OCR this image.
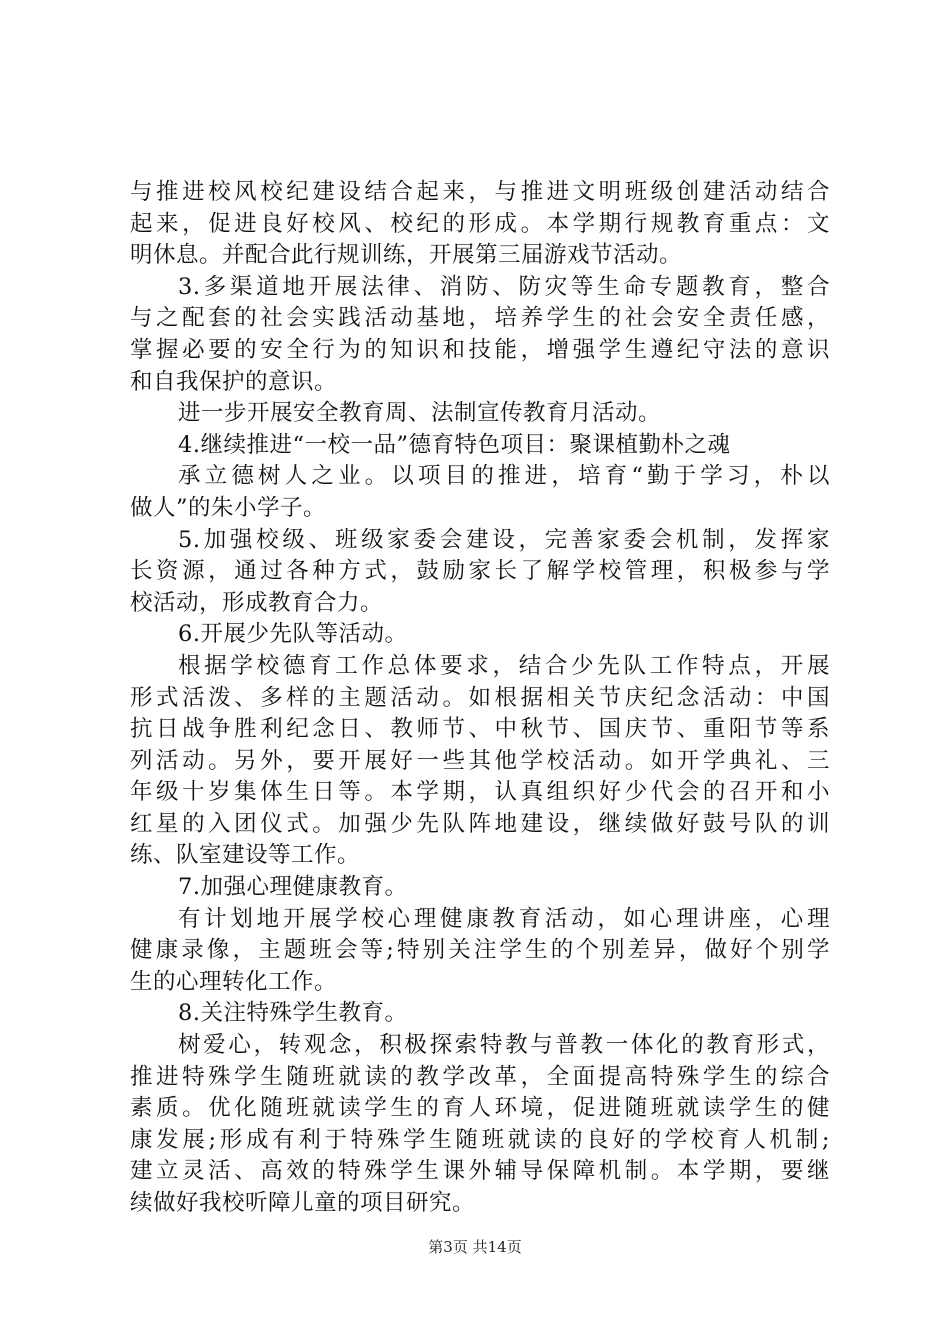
与推进校风校纪建设结合起来，与推进文明班级创建活动结合
起来，促进良好校风、校纪的形成。本学期行规教育重点：文
明休息。并配合此行规训练，开展第三届游戏节活动。
3.多渠道地开展法律、消防、防灾等生命专题教育，整合
与之配套的社会实践活动基地，培养学生的社会安全责任感，
掌握必要的安全行为的知识和技能，增强学生遵纪守法的意识
和自我保护的意识。
进一步开展安全教育周、法制宣传教育月活动。
4.继续推进“一校一品”德育特色项目：聚课植勤朴之魂
承立德树人之业。以项目的推进，培育“勤于学习，朴以
做人”的朱小学子。
5.加强校级、班级家委会建设，完善家委会机制，发挥家
长资源，通过各种方式，鼓励家长了解学校管理，积极参与学
校活动，形成教育合力。
6.开展少先队等活动。
根据学校德育工作总体要求，结合少先队工作特点，开展
形式活泼、多样的主题活动。如根据相关节庆纪念活动：中国
抗日战争胜利纪念日、教师节、中秋节、国庆节、重阳节等系
列活动。另外，要开展好一些其他学校活动。如开学典礼、三
年级十岁集体生日等。本学期，认真组织好少代会的召开和小
红星的入团仪式。加强少先队阵地建设，继续做好鼓号队的训
练、队室建设等工作。
7.加强心理健康教育。
有计划地开展学校心理健康教育活动，如心理讲座，心理
健康录像，主题班会等;特别关注学生的个别差异，做好个别学
生的心理转化工作。
8.关注特殊学生教育。
树爱心，转观念，积极探索特教与普教一体化的教育形式，
推进特殊学生随班就读的教学改革，全面提高特殊学生的综合
素质。优化随班就读学生的育人环境，促进随班就读学生的健
康发展;形成有利于特殊学生随班就读的良好的学校育人机制;
建立灵活、高效的特殊学生课外辅导保障机制。本学期，要继
续做好我校听障儿童的项目研究。
第3页 共14页
